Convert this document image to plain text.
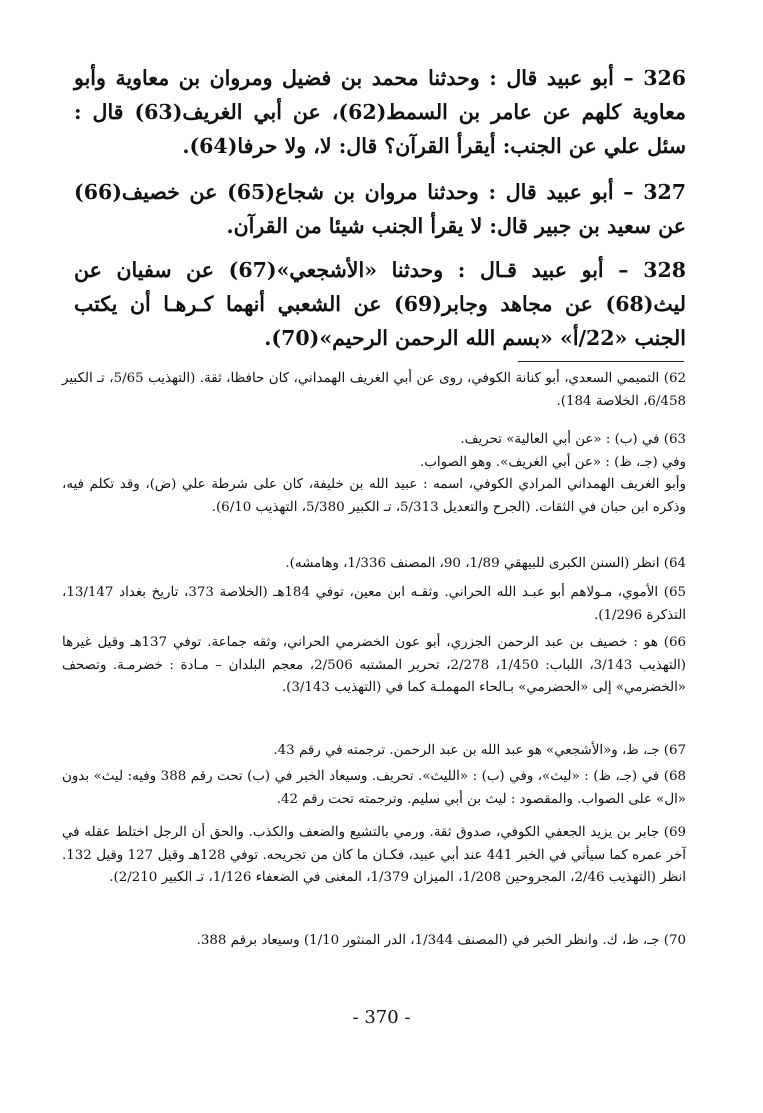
326 – أبو عبيد قال : وحدثنا محمد بن فضيل ومروان بن معاوية وأبو معاوية كلهم عن عامر بن السمط(62)، عن أبي الغريف(63) قال : سئل علي عن الجنب: أيقرأ القرآن؟ قال: لا، ولا حرفا(64).

327 – أبو عبيد قال : وحدثنا مروان بن شجاع(65) عن خصيف(66) عن سعيد بن جبير قال: لا يقرأ الجنب شيئا من القرآن.

328 – أبو عبيد قـال : وحدثنا «الأشجعي»(67) عن سفيان عن ليث(68) عن مجاهد وجابر(69) عن الشعبي أنهما كـرهـا أن يكتب الجنب «22/أ» «بسم الله الرحمن الرحيم»(70).

62) التميمي السعدي، أبو كنانة الكوفي، روى عن أبي الغريف الهمداني، كان حافظا، ثقة. (التهذيب 5/65، تـ الكبير 6/458، الخلاصة 184).

63) في (ب) : «عن أبي العالية» تحريف.

وفي (جـ، ظ) : «عن أبي الغريف». وهو الصواب.

وأبو الغريف الهمداني المرادي الكوفي، اسمه : عبيد الله بن خليفة، كان على شرطة علي (ض)، وقد تكلم فيه، وذكره ابن حبان في الثقات. (الجرح والتعديل 5/313، تـ الكبير 5/380، التهذيب 6/10).

64) انظر (السنن الكبرى للبيهقي 1/89، 90، المصنف 1/336، وهامشه).

65) الأموي، مـولاهم أبو عبـد الله الحراني. وثقـه ابن معين، توفي 184هـ (الخلاصة 373، تاريخ بغداد 13/147، التذكرة 1/296).

66) هو : خصيف بن عبد الرحمن الجزري، أبو عون الخضرمي الحراني، وثقه جماعة. توفي 137هـ وقيل غيرها (التهذيب 3/143، اللباب: 1/450، 2/278، تحرير المشتبه 2/506، معجم البلدان – مـادة : خضرمـة. وتصحف «الخضرمي» إلى «الحضرمي» بـالحاء المهملـة كما في (التهذيب 3/143).

67) جـ، ظ، و«الأشجعي» هو عبد الله بن عبد الرحمن. ترجمته في رقم 43.

68) في (جـ، ظ) : «ليث»، وفي (ب) : «الليث». تحريف. وسيعاد الخبر في (ب) تحت رقم 388 وفيه: ليث» بدون «ال» على الصواب. والمقصود : ليث بن أبي سليم. وترجمته تحت رقم 42.

69) جابر بن يزيد الجعفي الكوفي، صدوق ثقة. ورمي بالتشيع والضعف والكذب. والحق أن الرجل اختلط عقله في آخر عمره كما سيأتي في الخبر 441 عند أبي عبيد، فكـان ما كان من تجريحه. توفي 128هـ وقيل 127 وقيل 132. انظر (التهذيب 2/46، المجروحين 1/208، الميزان 1/379، المغنى في الضعفاء 1/126، تـ الكبير 2/210).

70) جـ، ظ، ك. وانظر الخبر في (المصنف 1/344، الدر المنثور 1/10) وسيعاد برقم 388.

- 370 -
